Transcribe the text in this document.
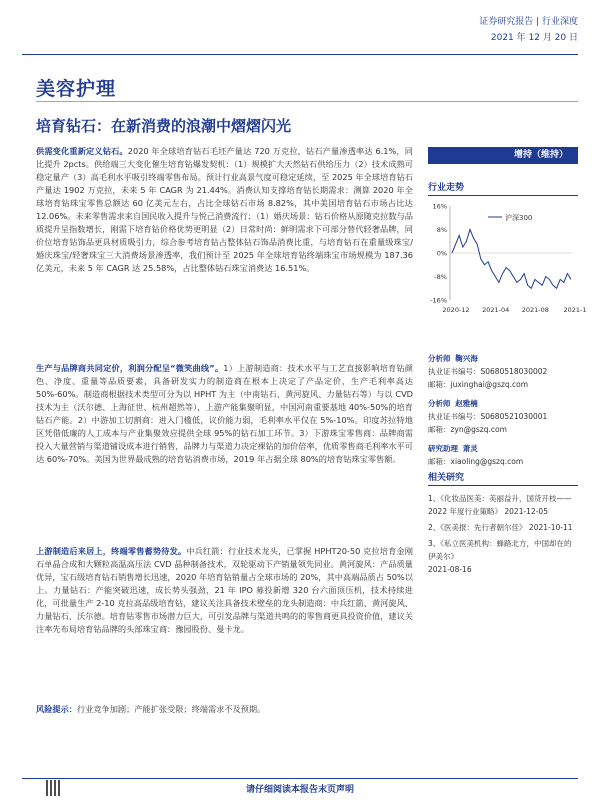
证券研究报告 | 行业深度
2021 年 12 月 20 日
美容护理
培育钻石：在新消费的浪潮中熠熠闪光
供需变化重新定义钻石。2020 年全球培育钻石毛坯产量达 720 万克拉，钻石产量渗透率达 6.1%，同比提升 2pcts。供给端三大变化催生培育钻爆发契机：（1）规模扩大天然钻石供给压力（2）技术成熟可稳定量产（3）高毛利水平吸引终端零售布局。预计行业高景气度可稳定延续，至 2025 年全球培育钻石产量达 1902 万克拉，未来 5 年 CAGR 为 21.44%。消费认知支撑培育钻长期需求：测算 2020 年全球培育钻珠宝零售总额达 60 亿美元左右，占比全球钻石市场 8.82%，其中美国培育钻石市场占比达 12.06%。未来零售需求来自国民收入提升与悦己消费流行：（1）婚庆场景：钻石价格从原随克拉数与品质提升呈指数增长，刚需下培育钻价格优势更明显（2）日常时尚：鲜明需求下可部分替代轻奢品牌，同价位培育钻饰品更具材质吸引力，综合参考培育钻占整体钻石饰品消费比重，与培育钻石在重量级珠宝/婚庆珠宝/轻奢珠宝三大消费场景渗透率，我们预计至 2025 年全球培育钻终端珠宝市场规模为 187.36 亿美元，未来 5 年 CAGR 达 25.58%，占比整体钻石珠宝消费达 16.51%。
生产与品牌商共同定价，利润分配呈“微笑曲线”。1）上游制造商：技术水平与工艺直接影响培育钻颜色、净度、重量等品质要素，具备研发实力的制造商在根本上决定了产品定价，生产毛利率高达 50%-60%。制造商根据技术类型可分为以 HPHT 为主（中南钻石、黄河旋风、力量钻石等）与以 CVD 技术为主（沃尔德、上海征世、杭州超然等），上游产能集聚明显，中国河南重要基地 40%-50%的培育钻石产能。2）中游加工切割商：进入门槛低，议价能力弱，毛利率水平仅在 5%-10%。印度苏拉特地区凭借低廉的人工成本与产业集聚效应提供全球 95%的钻石加工环节。3）下游珠宝零售商：品牌商需投入大量营销与渠道铺设成本进行销售，品牌力与渠道力决定裸钻的加价倍率，优质零售商毛利率水平可达 60%-70%。美国为世界最成熟的培育钻消费市场，2019 年占据全球 80%的培育钻珠宝零售额。
上游制造后来居上，终端零售蓄势待发。中兵红箭：行业技术龙头，已掌握 HPHT20-50 克拉培育金刚石单晶合成和大颗粒高温高压法 CVD 晶种制备技术，双轮驱动下产销量领先同业。黄河旋风：产品质量优异，宝石级培育钻石销售增长迅速，2020 年培育钻销量占全球市场的 20%，其中高端品质占 50%以上。力量钻石：产能突破迅速，成长势头强劲，21 年 IPO 募投新增 320 台六面顶压机，技术持续进化，可批量生产 2-10 克拉高品级培育钻，建议关注具备技术壁垒的龙头制造商：中兵红箭、黄河旋风、力量钻石、沃尔德。培育钻零售市场潜力巨大，可引发品牌与渠道共鸣的的零售商更具投资价值，建议关注率先布局培育钻品牌的头部珠宝商：豫园股份、曼卡龙。
风险提示：行业竞争加剧；产能扩张受限；终端需求不及预期。
增持（维持）
行业走势
16%
8%
0%
-8%
-16%
2020-12 2021-04 2021-08 2021-1
沪深300
分析师 鞠兴海
执业证书编号：S0680518030002
邮箱：juxinghai@gszq.com
分析师 赵雅楠
执业证书编号：S0680521030001
邮箱：zyn@gszq.com
研究助理 萧灵
邮箱：xiaoling@gszq.com
相关研究
1、《化妆品医美：美丽益升，国货开枝——2022 年度行业策略》 2021-12-05
2、《医美报：先行者朝尔佳》 2021-10-11
3、《私立医美机构：蜂路北方，中国却在的伊美尔》
2021-08-16
请仔细阅读本报告末页声明
